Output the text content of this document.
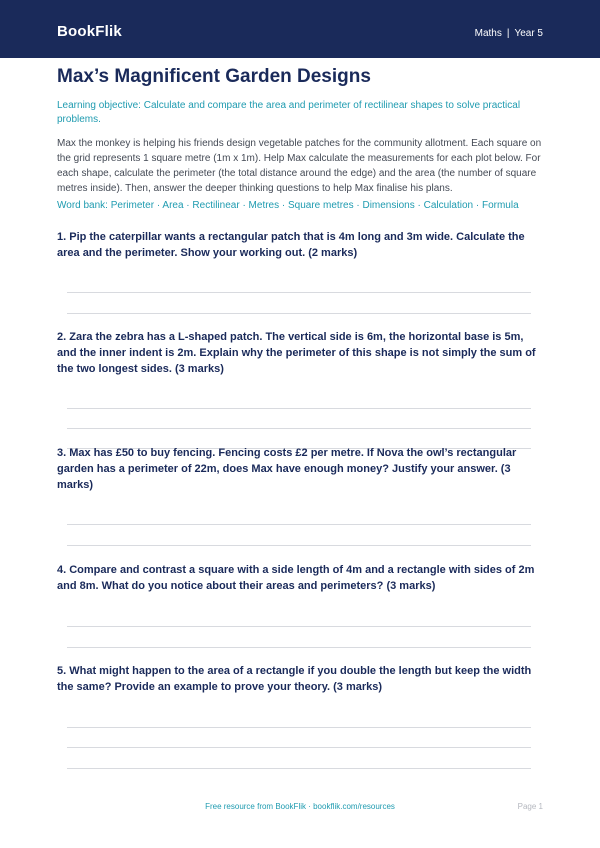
BookFlik	Maths | Year 5
Max’s Magnificent Garden Designs

Learning objective: Calculate and compare the area and perimeter of rectilinear shapes to solve practical problems.

Max the monkey is helping his friends design vegetable patches for the community allotment. Each square on the grid represents 1 square metre (1m x 1m). Help Max calculate the measurements for each plot below. For each shape, calculate the perimeter (the total distance around the edge) and the area (the number of square metres inside). Then, answer the deeper thinking questions to help Max finalise his plans.

Word bank: Perimeter · Area · Rectilinear · Metres · Square metres · Dimensions · Calculation · Formula

1. Pip the caterpillar wants a rectangular patch that is 4m long and 3m wide. Calculate the area and the perimeter. Show your working out. (2 marks)

2. Zara the zebra has a L-shaped patch. The vertical side is 6m, the horizontal base is 5m, and the inner indent is 2m. Explain why the perimeter of this shape is not simply the sum of the two longest sides. (3 marks)

3. Max has £50 to buy fencing. Fencing costs £2 per metre. If Nova the owl’s rectangular garden has a perimeter of 22m, does Max have enough money? Justify your answer. (3 marks)

4. Compare and contrast a square with a side length of 4m and a rectangle with sides of 2m and 8m. What do you notice about their areas and perimeters? (3 marks)

5. What might happen to the area of a rectangle if you double the length but keep the width the same? Provide an example to prove your theory. (3 marks)

Free resource from BookFlik · bookflik.com/resources	Page 1
